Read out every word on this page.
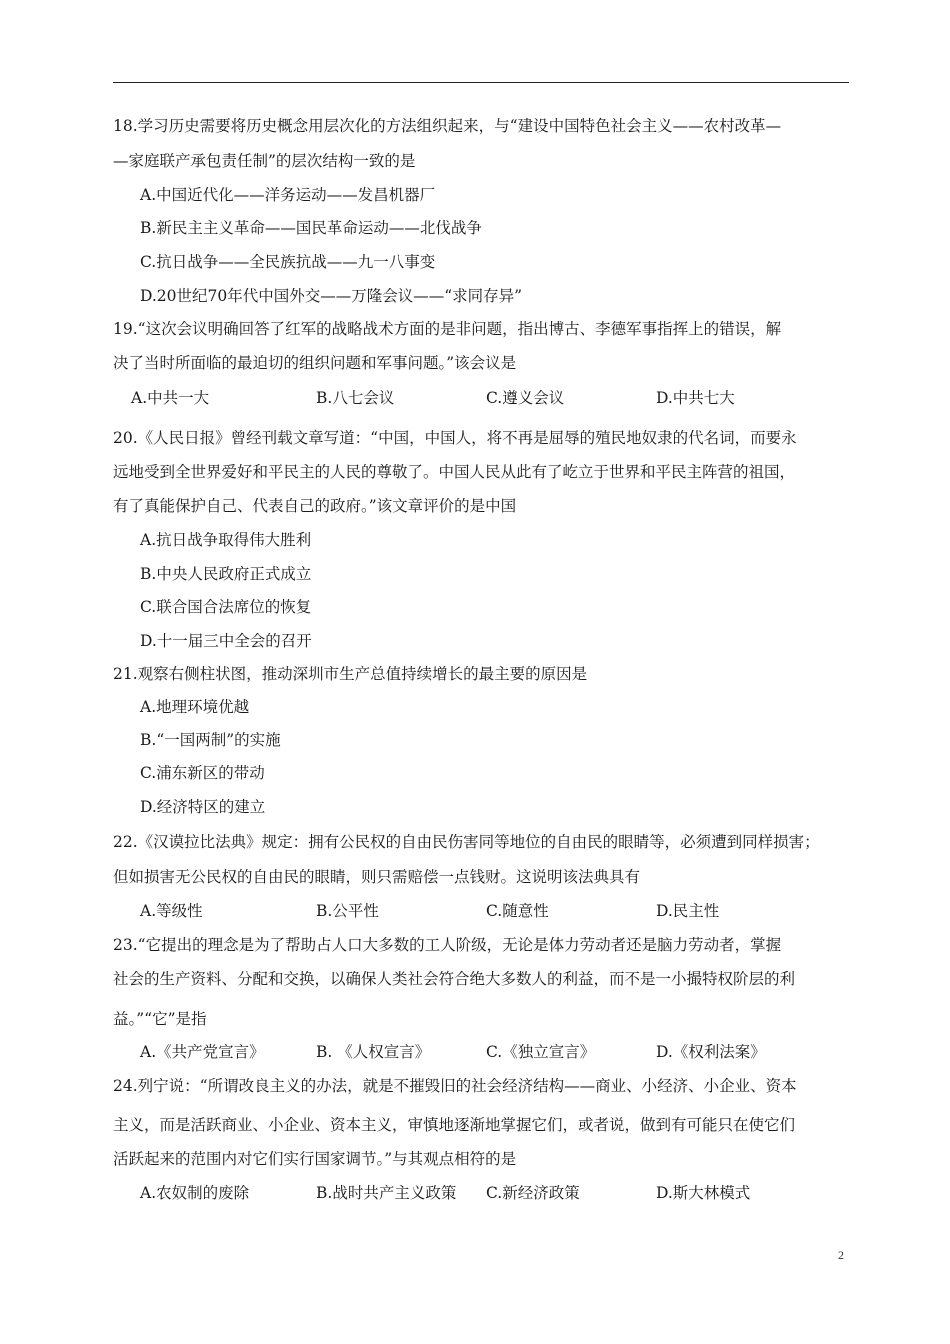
18.学习历史需要将历史概念用层次化的方法组织起来，与“建设中国特色社会主义——农村改革—
—家庭联产承包责任制”的层次结构一致的是
A.中国近代化——洋务运动——发昌机器厂
B.新民主主义革命——国民革命运动——北伐战争
C.抗日战争——全民族抗战——九一八事变
D.20世纪70年代中国外交——万隆会议——“求同存异”
19.“这次会议明确回答了红军的战略战术方面的是非问题，指出博古、李德军事指挥上的错误，解
决了当时所面临的最迫切的组织问题和军事问题。”该会议是
A.中共一大	B.八七会议	C.遵义会议	D.中共七大
20.《人民日报》曾经刊载文章写道：“中国，中国人，将不再是屈辱的殖民地奴隶的代名词，而要永
远地受到全世界爱好和平民主的人民的尊敬了。中国人民从此有了屹立于世界和平民主阵营的祖国，
有了真能保护自己、代表自己的政府。”该文章评价的是中国
A.抗日战争取得伟大胜利
B.中央人民政府正式成立
C.联合国合法席位的恢复
D.十一届三中全会的召开
21.观察右侧柱状图，推动深圳市生产总值持续增长的最主要的原因是
A.地理环境优越
B.“一国两制”的实施
C.浦东新区的带动
D.经济特区的建立
22.《汉谟拉比法典》规定：拥有公民权的自由民伤害同等地位的自由民的眼睛等，必须遭到同样损害；
但如损害无公民权的自由民的眼睛，则只需赔偿一点钱财。这说明该法典具有
A.等级性	B.公平性	C.随意性	D.民主性
23.“它提出的理念是为了帮助占人口大多数的工人阶级，无论是体力劳动者还是脑力劳动者，掌握
社会的生产资料、分配和交换，以确保人类社会符合绝大多数人的利益，而不是一小撮特权阶层的利
益。”“它”是指
A.《共产党宣言》	B. 《人权宣言》	C.《独立宣言》	D.《权利法案》
24.列宁说：“所谓改良主义的办法，就是不摧毁旧的社会经济结构——商业、小经济、小企业、资本
主义，而是活跃商业、小企业、资本主义，审慎地逐渐地掌握它们，或者说，做到有可能只在使它们
活跃起来的范围内对它们实行国家调节。”与其观点相符的是
A.农奴制的废除	B.战时共产主义政策 C.新经济政策	D.斯大林模式
2
